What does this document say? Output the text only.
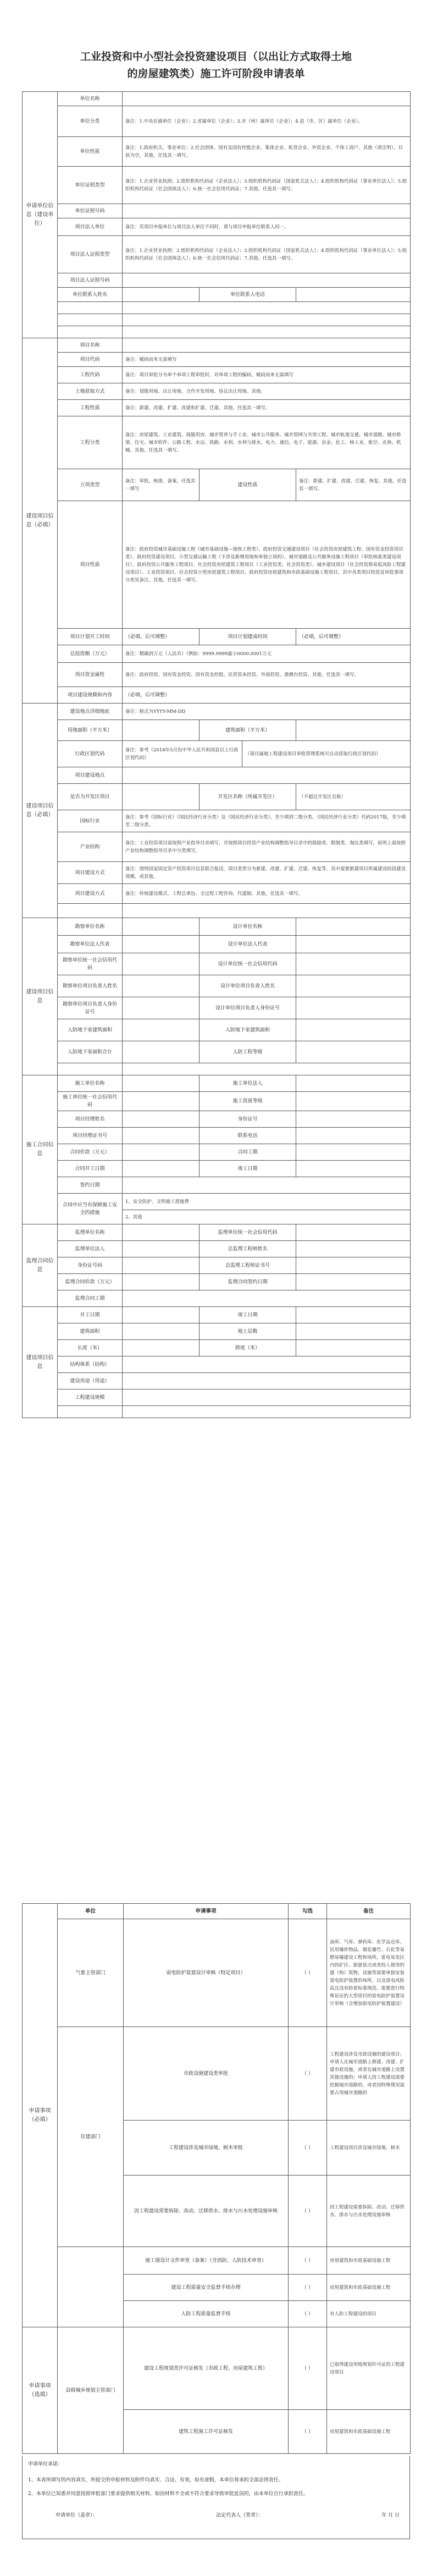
工业投资和中小型社会投资建设项目（以出让方式取得土地
的房屋建筑类）施工许可阶段申请表单
申请单位信息（建设单位）	单位名称				
	单位分类	备注：1.中央在渝单位（企业）；2.省属单位（企业）；3.市（州）属单位（企业）；4.县（市、区）属单位（企业）。			
	单位性质	备注：1.政府机关、事业单位；2.社会团体、国有及国有控股企业、集体企业、私营企业、外资企业、个体工商户、其他（请注明）。目前为空，其他，任选其一填写。			
	单位证照类型	备注：1.企业营业执照；2.组织机构代码证（企业法人）；3.组织机构代码证（国家机关法人）；4.组织机构代码证（事业单位法人）；5.组织机构代码证（社会团体法人）；6.统一社会信用代码证；7.其他。任选其一填写。			
	单位证照号码				
	项目法人单位	备注：若项目申报单位与项目法人单位不同时，请与项目申报单位联系人同一。			
	项目法人证照类型	备注：1.企业营业执照；2.组织机构代码证（企业法人）；3.组织机构代码证（国家机关法人）；4.组织机构代码证（事业单位法人）；5.组织机构代码证（社会团体法人）；6.统一社会信用代码证；7.其他。任选其一填写。			
	项目法人证照号码				
	单位联系人姓名		单位联系人电话		

建设项目信息（必填）	项目名称				
	项目代码	备注：赋码而来无需填写			
	工程代码	备注：项目审批分为单个单项工程审批时，对单项工程的编码，赋码而来无需填写			
	土地获取方式	备注：划拨用地、出让用地、合作开发用地、协议出让用地、其他。			
	工程性质	备注：新建、改建、扩建、改建和扩建、迁建、其他。任选其一填写。			
	工程分类	备注：房屋建筑、工业建筑、商服用房、城市管养与手工业、城市公共服务、城市管网与共用工程、城市轨道交通、城市道路、城市桥梁、住宅、城市软件、公路工程、水运、铁路、水利、水利与排水、电力、通信、电子、能源、冶金、化工、核工业、航空、农林、机械、其他。任选其一填写。			
	立项类型	备注：审批、核准、备案，任选其一填写	建设性质		备注：新建、扩建、改建、迁建、恢复、其他，任选其一填写。
	项目性质	备注：政府投资城市基础设施工程（城市基础设施—地热工程类）、政府投资交通建设项目（社会投资房屋建筑工程、国有资金投资项目类）、政府投资建设项目、小型交通运输工程（不涉及新增用地和单独立项的）、城市道路及公共服务设施工程项目（审批核准类建设项目）、政府投资公共服务工程项目、社会投资房屋建筑工程项目（工业投资类、社会投资类）、城乡建设项目（社会投资简易低风险工程建设项目）、工业投资项目、社会投资小型房屋建筑工程项目，政府投资房屋建筑和市政基础设施工程项目，其中各类项目投资及审批事项分类见备注，其他。任选其一填写。			
	项目计划开工时间	（必填，后可调整）	项目计划建成时间		（必填，后可调整）
	总投资额（万元）	备注：精确到万元（人民币）（例如：9999.9999最小0000.0001万元			
	项目资金属性	备注：政府投资、国有资金投资、国有资金控股、民营资本投资、外商投资、港澳台投资、其他。任选其一填写。			
	项目建设规模和内容	（必填，后可调整）			
建设项目信息（必填）	建设地点详细地址	备注：格式为YYYY-MM-DD			
	用地面积（平方米）		建筑面积（平方米）		
	行政区划代码	备注：参考《2018年5月份中华人民共和国县以上行政区划代码》		（项目属地工程建设项目审批管理系统可自动获取行政区划代码）	
	项目建设地点				
	是否为开发区项目		开发区名称（所属开发区）		（不超过开发区名称）
	国标行业	备注：参考《国标行业》（国民经济行业分类）及《国民经济行业分类》，至少填到二级分类。《国民经济行业分类》代码2017版，至少填至二级分类。			
	产业结构	备注：工业投资项目需按照产业指导目录填写，并按照项目投资产业结构调整指导目录中的鼓励类、限制类、淘汰类填写，原则上需按照产业结构调整指导目录中分类填写。			
	项目建设方式	备注：围绕国家固定资产投资项目信息联合报送，项目类型分为新建、改建、扩建、迁建、恢复等，其中需要新建项目所属建设阶段建设规模，或其他。			
	项目建设方式	备注：传统建设模式、工程总承包、全过程工程咨询、代建制、其他，任选其一填写。			

建设项目信息	勘察单位名称		设计单位名称		
	勘察单位法人代表		设计单位法人代表		
	勘察单位统一社会信用代码		设计单位统一社会信用代码		
	勘察单位项目负责人姓名		设计单位项目负责人姓名		
	勘察单位项目负责人身份证号		设计单位项目负责人身份证号		
	人防地下室建筑面积		人防地下室建筑面积		
	人防地下室面积合计		人防工程等级		

施工合同信息	施工单位名称		施工单位法人		
	施工单位统一社会信用代码		施工资质等级		
	项目经理姓名		身份证号		
	项目经理证书号		联系电话		
	合同价款（万元）		合同工期		
	合同开工日期		竣工日期		
	签约日期				
	合同中应当有保障施工安全的措施	1、安全防护、文明施工措施费			
		2、其他			
监理合同信息	监理单位名称		监理单位统一社会信用代码		
	监理单位法人		总监理工程师姓名		
	身份证号码		总监理工程师证书号		
	监理合同价款（万元）		监理合同签约日期		
	监理合同工期				
建设项目信息	开工日期		竣工日期		
	建筑面积		地上层数		
	长度（米）		跨度（米）		
	结构体系（结构）				
	建设用途（用途）				
	工程建设规模				

申请事项（必填）	单位	申请事项	勾选	备注
	气象主管部门	雷电防护装置设计审核（特定项目）	（ ）	油库、气库、弹药库、化学品仓库、民用爆炸物品、烟花爆竹、石化等易燃易爆建设工程和场所，雷电易发区内的矿区、旅游景点或者投入使用的建（构）筑物、设施等需要单独安装雷电防护装置的场所，以及雷电风险高且没有防雷标准规范、需要进行特殊论证的大型项目的雷电防护装置设计审核（含增加雷电防护装置建设）
	住建部门	市政设施建设类审批	（ ）	工程建设涉及市政设施的建设项目；申请人在城市道路上修建、改建、扩建市政设施，或者在城市道路上设置其他设施的；申请人因工程建设需要挖掘城市道路的，或者因特殊情况需要占用城市道路的
		工程建设涉及城市绿地、树木审批	（ ）	工程建设项目涉及城市绿地、树木
		因工程建设需要拆除、改动、迁移供水、排水与污水处理设施审核	（ ）	因工程建设需要拆除、改动、迁移供水、排水与污水处理设施审核
		施工图设计文件审查（备案）（含消防、人防技术审查）	（ ）	房屋建筑和市政基础设施工程
		建设工程质量安全监督手续办理	（ ）	房屋建筑和市政基础设施工程
		人防工程质量监督手续	（ ）	有人防工程建设的项目
申请事项（选填）	县级城乡规划主管部门	建设工程规划类许可证核发（市政工程、房屋建筑工程）	（ ）	已取得建设用地规划许可证的工程建设项目
		建筑工程施工许可证核发	（ ）	房屋建筑和市政基础设施工程
申请单位承诺：
1、本表所填写的内容真实，所提交的申报材料及附件均真实、合法、有效，如有虚假，本单位将承担全部法律责任。
2、本单位已知悉并同意按照审批部门要求提供相关材料，如因材料不全或不符合要求导致审批延误的，由本单位自行承担责任。
申请单位（盖章）：	法定代表人（签章）：	年 月 日
